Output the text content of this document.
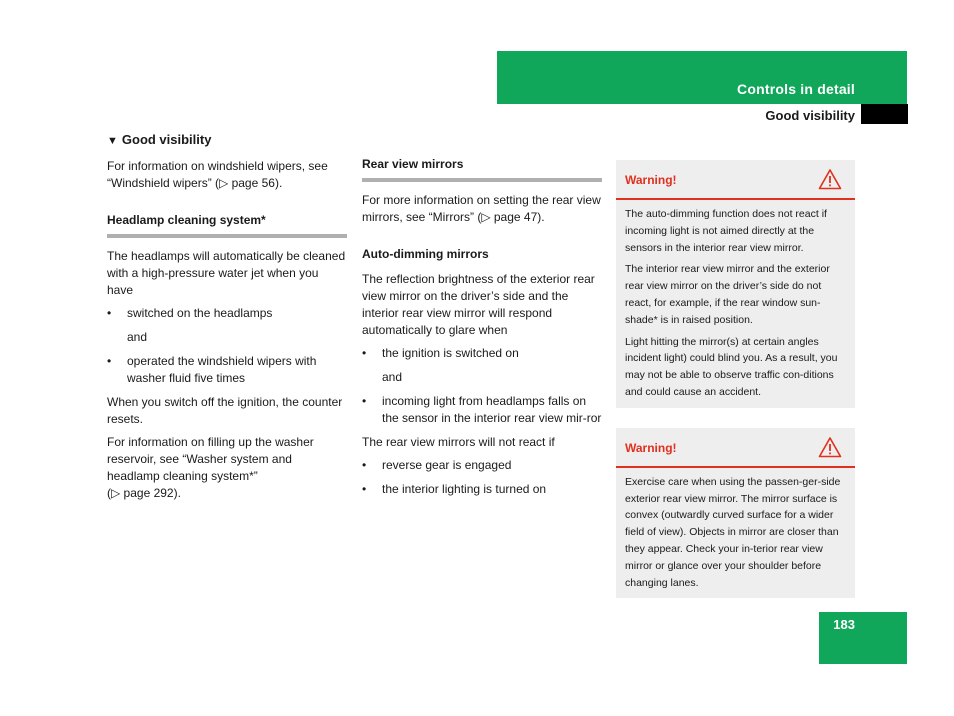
Controls in detail
Good visibility
▼ Good visibility

For information on windshield wipers, see “Windshield wipers” (▷ page 56).

Headlamp cleaning system*

The headlamps will automatically be cleaned with a high-pressure water jet when you have

• switched on the headlamps
and
• operated the windshield wipers with washer fluid five times

When you switch off the ignition, the counter resets.

For information on filling up the washer reservoir, see “Washer system and headlamp cleaning system*”

(▷ page 292).

Rear view mirrors

For more information on setting the rear view mirrors, see “Mirrors” (▷ page 47).

Auto-dimming mirrors

The reflection brightness of the exterior rear view mirror on the driver’s side and the interior rear view mirror will respond automatically to glare when

• the ignition is switched on
and
• incoming light from headlamps falls on the sensor in the interior rear view mir-ror

The rear view mirrors will not react if

• reverse gear is engaged
• the interior lighting is turned on
Warning!

The auto-dimming function does not react if incoming light is not aimed directly at the sensors in the interior rear view mirror.

The interior rear view mirror and the exterior rear view mirror on the driver’s side do not react, for example, if the rear window sun-shade* is in raised position.

Light hitting the mirror(s) at certain angles incident light) could blind you. As a result, you may not be able to observe traffic con-ditions and could cause an accident.

Warning!

Exercise care when using the passen-ger-side exterior rear view mirror. The mirror surface is convex (outwardly curved surface for a wider field of view). Objects in mirror are closer than they appear. Check your in-terior rear view mirror or glance over your shoulder before changing lanes.

183
